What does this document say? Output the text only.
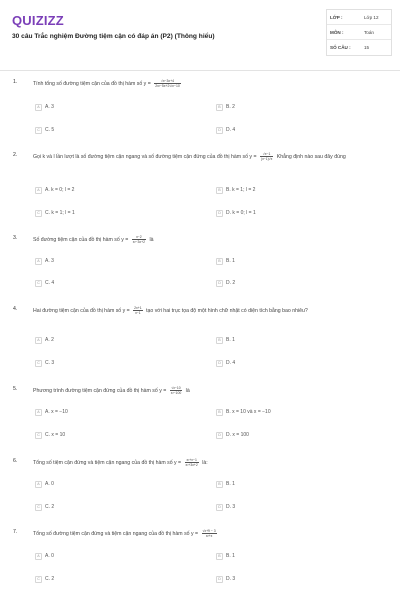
QUIZIZZ
30 câu Trắc nghiệm Đường tiệm cận có đáp án (P2) (Thông hiểu)
LỚP :	Lớp 12
MÔN :	Toán
SỐ CÂU :	15
1.	Tính tổng số đường tiệm cận của đồ thị hàm số $y = \frac{√x-3x+4}{\text{2x²−5x+2√x²−10}}$
A	A. 3	B	B. 2
C	C. 5	D	D. 4
2.	Gọi k và l lần lượt là số đường tiệm cận ngang và số đường tiệm cận đứng của đồ thị hàm số $y = \frac{√x-1}{(x-1)√x}$ Khẳng định nào sau đây đúng
A	A. k = 0; l = 2	B	B. k = 1; l = 2
C	C. k = 1; l = 1	D	D. k = 0; l = 1
3.	Số đường tiệm cận của đồ thị hàm số $y = \frac{x-2}{\text{x²−3x+2}}$ là
A	A. 3	B	B. 1
C	C. 4	D	D. 2
4.	Hai đường tiệm cận của đồ thị hàm số $y = \frac{2x+1}{x-1}$ tạo với hai trục tọa độ một hình chữ nhật có diện tích bằng bao nhiêu?
A	A. 2	B	B. 1
C	C. 3	D	D. 4
5.	Phương trình đường tiệm cận đứng của đồ thị hàm số $y = \frac{√x-10}{\text{x²−100}}$ là
A	A. x = −10	B	B. x = 10 và x = −10
C	C. x = 10	D	D. x = 100
6.	Tổng số tiệm cận đứng và tiệm cận ngang của đồ thị hàm số $y = \frac{\text{x²+x−1}}{\text{x²+3x+2}}$ là:
A	A. 0	B	B. 1
C	C. 2	D	D. 3
7.	Tổng số đường tiệm cận đứng và tiệm cận ngang của đồ thị hàm số $y = \frac{√x+9 - 3}{\text{x²+x}}$
A	A. 0	B	B. 1
C	C. 2	D	D. 3
